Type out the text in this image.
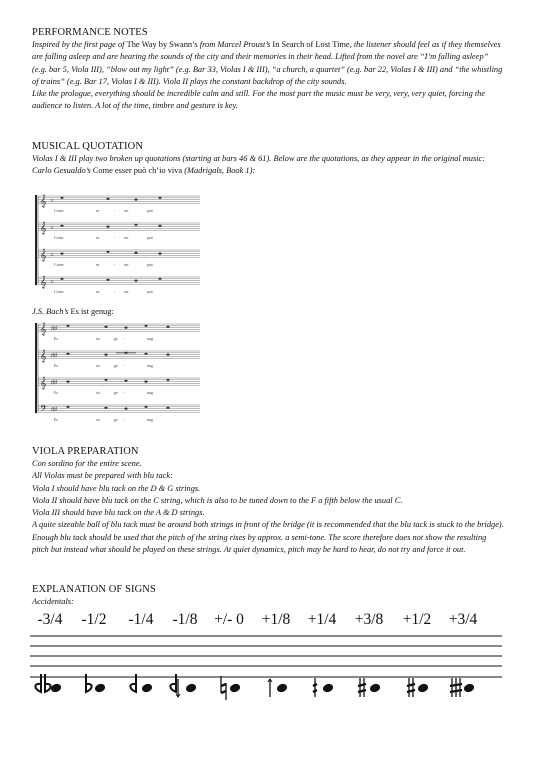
PERFORMANCE NOTES

Inspired by the first page of The Way by Swann’s from Marcel Proust’s In Search of Lost Time, the listener should feel as if they themselves are falling asleep and are hearing the sounds of the city and their memories in their head. Lifted from the novel are “I’m falling asleep” (e.g. bar 5, Viola III), “blow out my light” (e.g. Bar 33, Violas I & III), “a church, a quartet” (e.g. bar 22, Violas I & III) and “the whistling of trains” (e.g. Bar 17, Violas I & III). Viola II plays the constant backdrop of the city sounds.

Like the prologue, everything should be incredible calm and still. For the most part the music must be very, very, very quiet, forcing the audience to listen. A lot of the time, timbre and gesture is key.

MUSICAL QUOTATION

Violas I & III play two broken up quotations (starting at bars 46 & 61). Below are the quotations, as they appear in the original music:

Carlo Gesualdo’s Come esser può ch’io viva (Madrigals, Book 1):

𝄞 c
Come	es	- ser	può
𝄞 c
Come	es	- ser	può
𝄞 c
Come	es	- ser	può
𝄞 c
Come	es	- ser	può

J.S. Bach’s Es ist genug:

𝄞 ♯♯
Es	ist	ge -	nug
𝄞 ♯♯
Es	ist	ge -	nug
𝄞 ♯♯
Es	ist	ge -	nug
𝄢 ♯♯
Es	ist	ge -	nug

VIOLA PREPARATION

Con sordino for the entire scene.

All Violas must be prepared with blu tack:

Viola I should have blu tack on the D & G strings.

Viola II should have blu tack on the C string, which is also to be tuned down to the F a fifth below the usual C.

Viola III should have blu tack on the A & D strings.

A quite sizeable ball of blu tack must be around both strings in front of the bridge (it is recommended that the blu tack is stuck to the bridge). Enough blu tack should be used that the pitch of the string rises by approx. a semi-tone. The score therefore does not show the resulting pitch but instead what should be played on these strings. At quiet dynamics, pitch may be hard to hear, do not try and force it out.

EXPLANATION OF SIGNS

Accidentals:

-3/4 -1/2 -1/4 -1/8 +/- 0 +1/8 +1/4 +3/8 +1/2 +3/4
